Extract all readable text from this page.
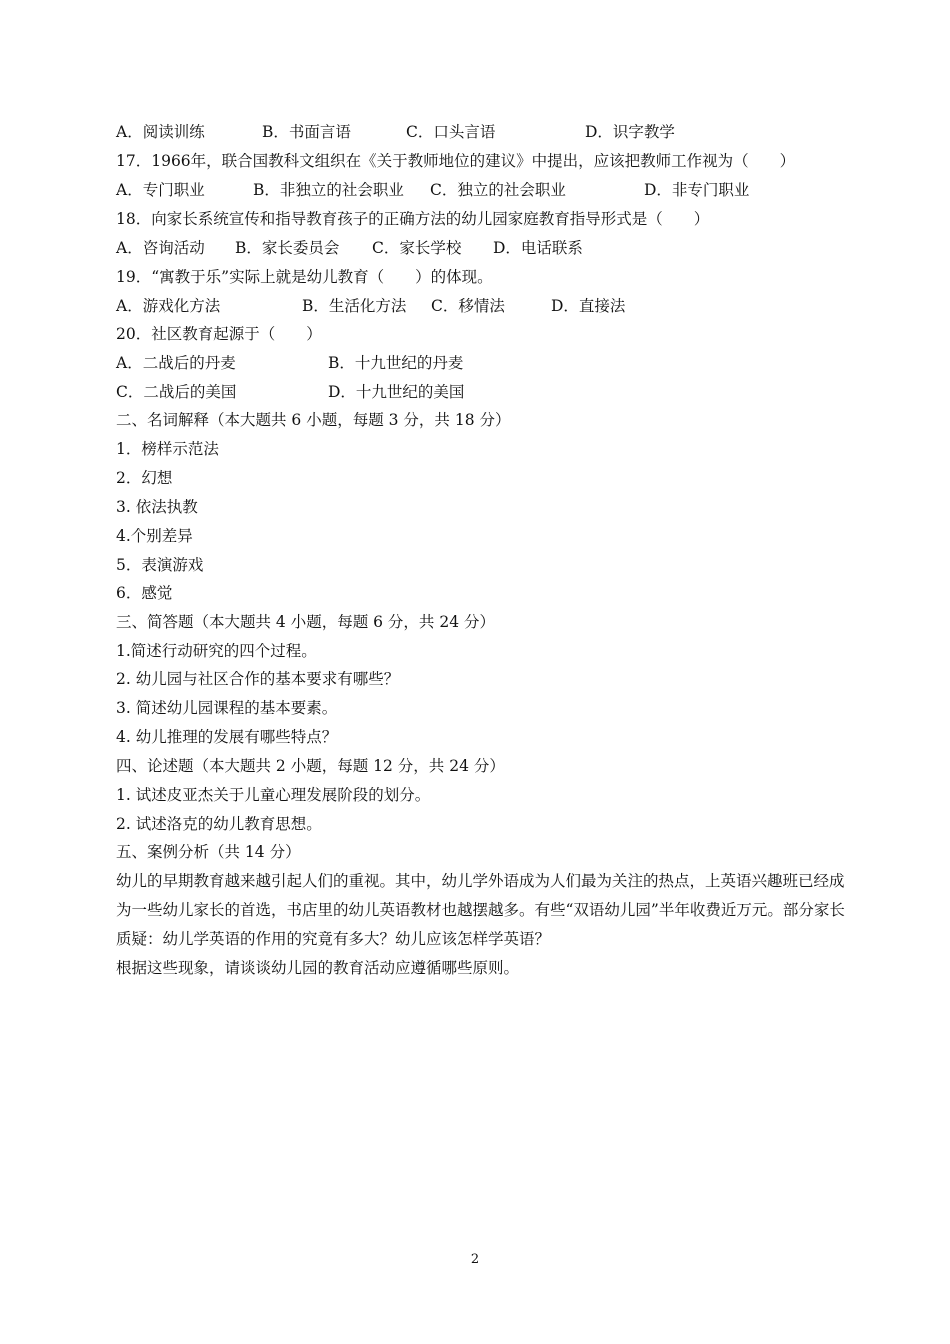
A．阅读训练	B．书面言语	C．口头言语	D．识字教学
17．1966年，联合国教科文组织在《关于教师地位的建议》中提出，应该把教师工作视为（　　）
A．专门职业	B．非独立的社会职业 C．独立的社会职业	D．非专门职业
18．向家长系统宣传和指导教育孩子的正确方法的幼儿园家庭教育指导形式是（　　）
A．咨询活动 B．家长委员会 C．家长学校 D．电话联系
19．“寓教于乐”实际上就是幼儿教育（　　）的体现。
A．游戏化方法	B．生活化方法 C．移情法	D．直接法
20．社区教育起源于（　　）
A．二战后的丹麦	B．十九世纪的丹麦
C．二战后的美国	D．十九世纪的美国
二、名词解释（本大题共 6 小题，每题 3 分，共 18 分）
1．榜样示范法
2．幻想
3. 依法执教
4.个别差异
5．表演游戏
6．感觉
三、简答题（本大题共 4 小题，每题 6 分，共 24 分）
1.简述行动研究的四个过程。
2. 幼儿园与社区合作的基本要求有哪些？
3. 简述幼儿园课程的基本要素。
4. 幼儿推理的发展有哪些特点？
四、论述题（本大题共 2 小题，每题 12 分，共 24 分）
1. 试述皮亚杰关于儿童心理发展阶段的划分。
2. 试述洛克的幼儿教育思想。
五、案例分析（共 14 分）
幼儿的早期教育越来越引起人们的重视。其中，幼儿学外语成为人们最为关注的热点，上英语兴趣班已经成为一些幼儿家长的首选，书店里的幼儿英语教材也越摆越多。有些“双语幼儿园”半年收费近万元。部分家长质疑：幼儿学英语的作用的究竟有多大？幼儿应该怎样学英语？
根据这些现象，请谈谈幼儿园的教育活动应遵循哪些原则。
2
